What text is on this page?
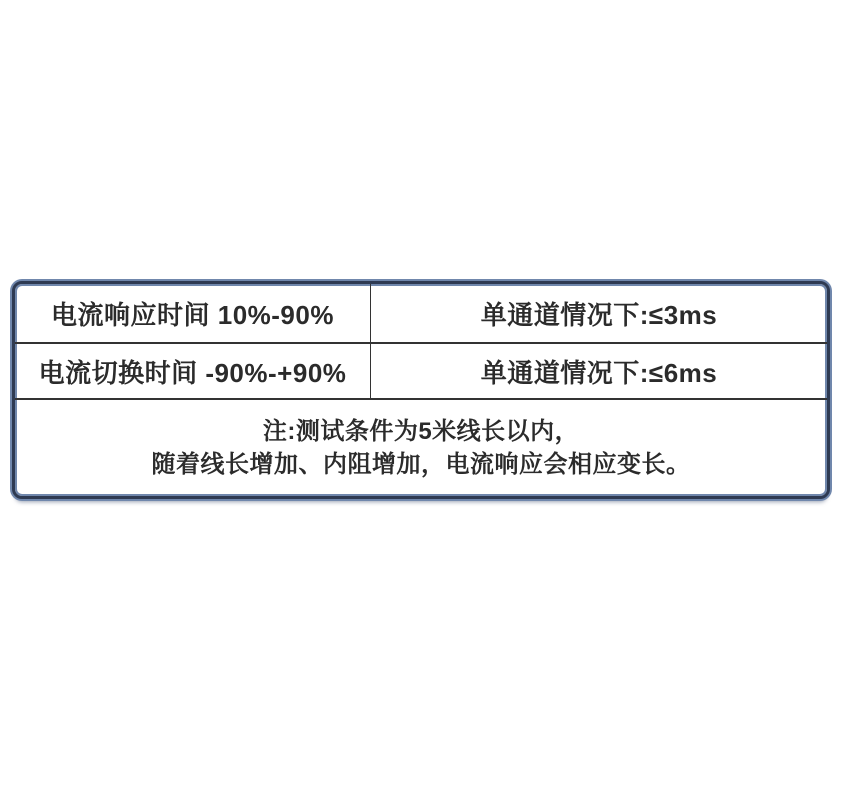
电流响应时间 10%-90%	单通道情况下:≤3ms
电流切换时间 -90%-+90%	单通道情况下:≤6ms
注:测试条件为5米线长以内，
随着线长增加、内阻增加，电流响应会相应变长。
